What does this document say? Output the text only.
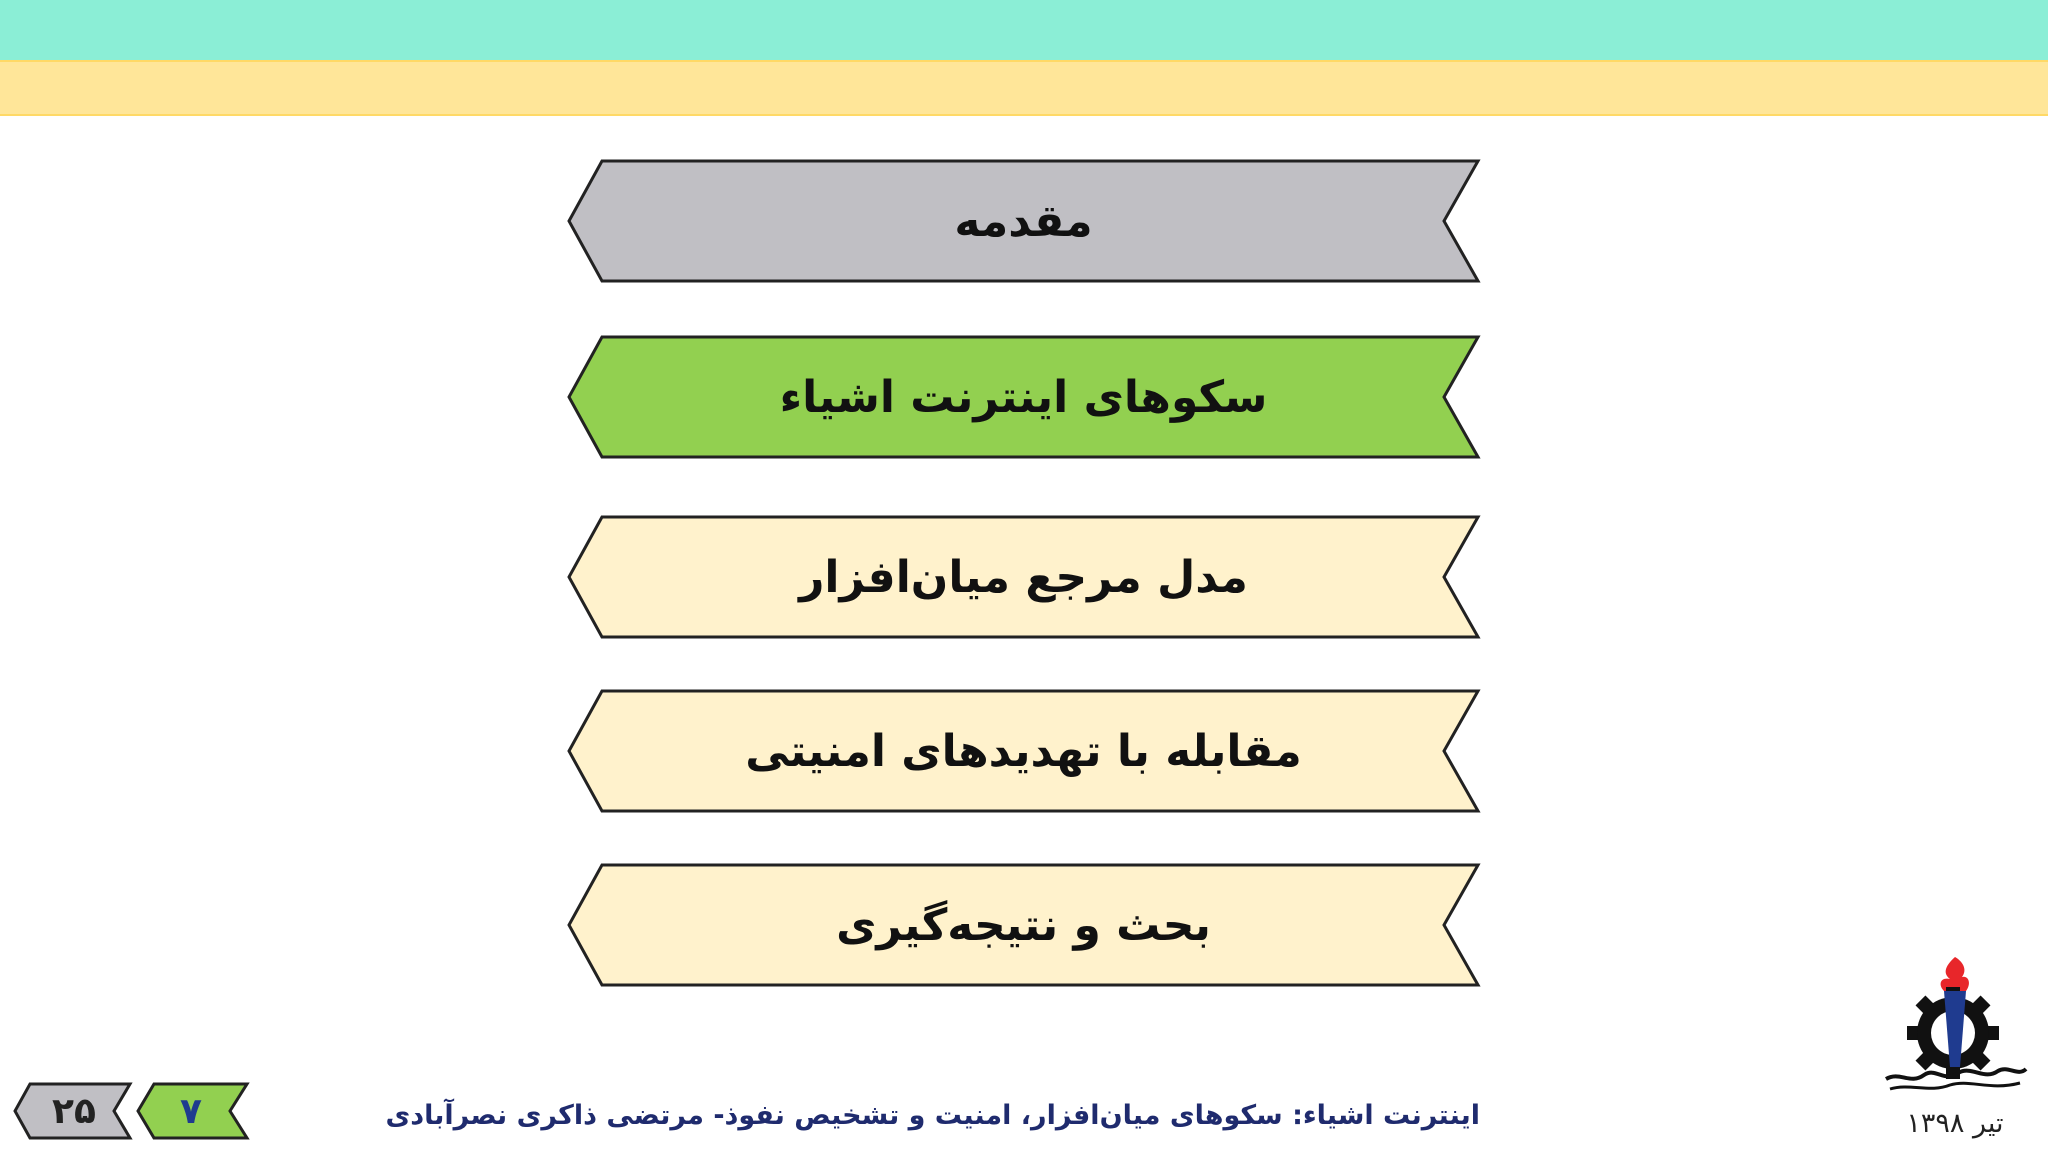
مقدمه
سکوهای اینترنت اشیاء
مدل مرجع میان‌افزار
مقابله با تهدیدهای امنیتی
بحث و نتیجه‌گیری
اینترنت اشیاء: سکوهای میان‌افزار، امنیت و تشخیص نفوذ- مرتضی ذاکری نصرآبادی
۲۵	۷	تیر ۱۳۹۸
